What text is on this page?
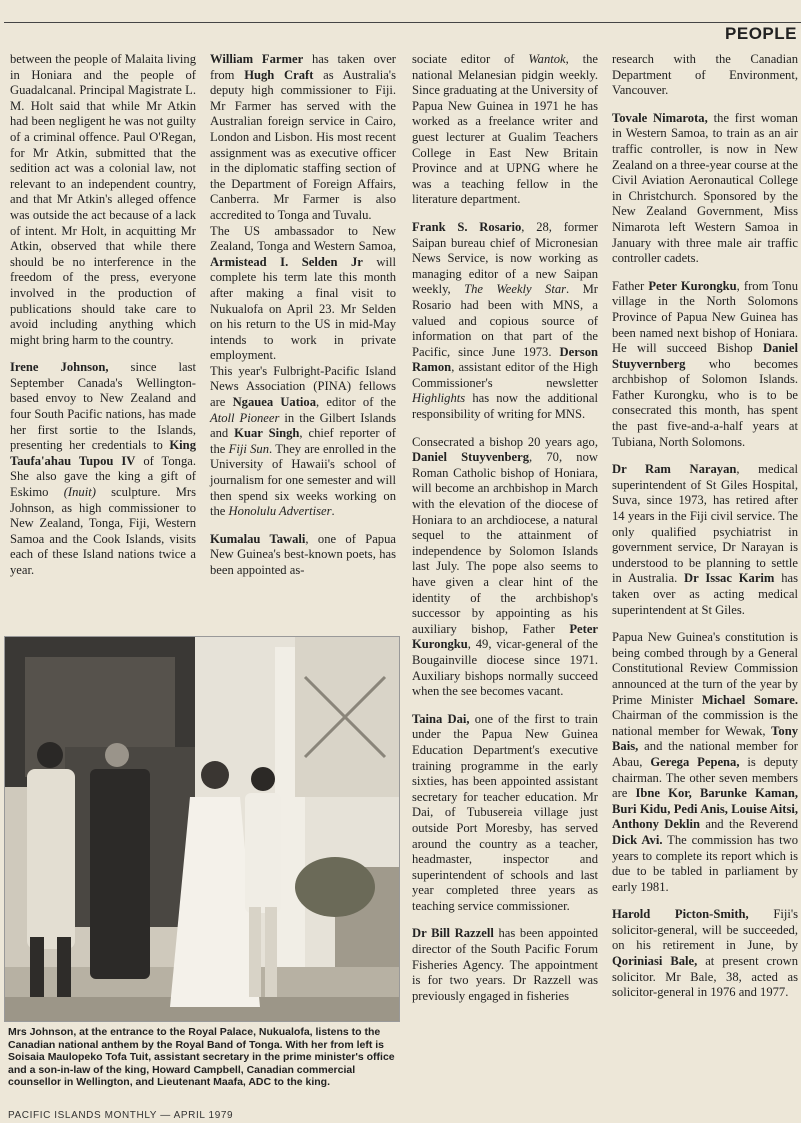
PEOPLE

between the people of Malaita living in Honiara and the people of Guadalcanal. Principal Magistrate L. M. Holt said that while Mr Atkin had been negligent he was not guilty of a criminal offence. Paul O'Regan, for Mr Atkin, submitted that the sedition act was a colonial law, not relevant to an independent country, and that Mr Atkin's alleged offence was outside the act because of a lack of intent. Mr Holt, in acquitting Mr Atkin, observed that while there should be no interference in the freedom of the press, everyone involved in the production of publications should take care to avoid including anything which might bring harm to the country.

Irene Johnson, since last September Canada's Wellington-based envoy to New Zealand and four South Pacific nations, has made her first sortie to the Islands, presenting her credentials to King Taufa'ahau Tupou IV of Tonga. She also gave the king a gift of Eskimo (Inuit) sculpture. Mrs Johnson, as high commissioner to New Zealand, Tonga, Fiji, Western Samoa and the Cook Islands, visits each of these Island nations twice a year.

William Farmer has taken over from Hugh Craft as Australia's deputy high commissioner to Fiji. Mr Farmer has served with the Australian foreign service in Cairo, London and Lisbon. His most recent assignment was as executive officer in the diplomatic staffing section of the Department of Foreign Affairs, Canberra. Mr Farmer is also accredited to Tonga and Tuvalu.

The US ambassador to New Zealand, Tonga and Western Samoa, Armistead I. Selden Jr will complete his term late this month after making a final visit to Nukualofa on April 23. Mr Selden on his return to the US in mid-May intends to work in private employment.

This year's Fulbright-Pacific Island News Association (PINA) fellows are Ngauea Uatioa, editor of the Atoll Pioneer in the Gilbert Islands and Kuar Singh, chief reporter of the Fiji Sun. They are enrolled in the University of Hawaii's school of journalism for one semester and will then spend six weeks working on the Honolulu Advertiser.

Kumalau Tawali, one of Papua New Guinea's best-known poets, has been appointed as-

sociate editor of Wantok, the national Melanesian pidgin weekly. Since graduating at the University of Papua New Guinea in 1971 he has worked as a freelance writer and guest lecturer at Gualim Teachers College in East New Britain Province and at UPNG where he was a teaching fellow in the literature department.

Frank S. Rosario, 28, former Saipan bureau chief of Micronesian News Service, is now working as managing editor of a new Saipan weekly, The Weekly Star. Mr Rosario had been with MNS, a valued and copious source of information on that part of the Pacific, since June 1973. Derson Ramon, assistant editor of the High Commissioner's newsletter Highlights has now the additional responsibility of writing for MNS.

Consecrated a bishop 20 years ago, Daniel Stuyvenberg, 70, now Roman Catholic bishop of Honiara, will become an archbishop in March with the elevation of the diocese of Honiara to an archdiocese, a natural sequel to the attainment of independence by Solomon Islands last July. The pope also seems to have given a clear hint of the identity of the archbishop's successor by appointing as his auxiliary bishop, Father Peter Kurongku, 49, vicar-general of the Bougainville diocese since 1971. Auxiliary bishops normally succeed when the see becomes vacant.

Taina Dai, one of the first to train under the Papua New Guinea Education Department's executive training programme in the early sixties, has been appointed assistant secretary for teacher education. Mr Dai, of Tubusereia village just outside Port Moresby, has served around the country as a teacher, headmaster, inspector and superintendent of schools and last year completed three years as teaching service commissioner.

Dr Bill Razzell has been appointed director of the South Pacific Forum Fisheries Agency. The appointment is for two years. Dr Razzell was previously engaged in fisheries

research with the Canadian Department of Environment, Vancouver.

Tovale Nimarota, the first woman in Western Samoa, to train as an air traffic controller, is now in New Zealand on a three-year course at the Civil Aviation Aeronautical College in Christchurch. Sponsored by the New Zealand Government, Miss Nimarota left Western Samoa in January with three male air traffic controller cadets.

Father Peter Kurongku, from Tonu village in the North Solomons Province of Papua New Guinea has been named next bishop of Honiara. He will succeed Bishop Daniel Stuyvernberg who becomes archbishop of Solomon Islands. Father Kurongku, who is to be consecrated this month, has spent the past five-and-a-half years at Tubiana, North Solomons.

Dr Ram Narayan, medical superintendent of St Giles Hospital, Suva, since 1973, has retired after 14 years in the Fiji civil service. The only qualified psychiatrist in government service, Dr Narayan is understood to be planning to settle in Australia. Dr Issac Karim has taken over as acting medical superintendent at St Giles.

Papua New Guinea's constitution is being combed through by a General Constitutional Review Commission announced at the turn of the year by Prime Minister Michael Somare. Chairman of the commission is the national member for Wewak, Tony Bais, and the national member for Abau, Gerega Pepena, is deputy chairman. The other seven members are Ibne Kor, Barunke Kaman, Buri Kidu, Pedi Anis, Louise Aitsi, Anthony Deklin and the Reverend Dick Avi. The commission has two years to complete its report which is due to be tabled in parliament by early 1981.

Harold Picton-Smith, Fiji's solicitor-general, will be succeeded, on his retirement in June, by Qoriniasi Bale, at present crown solicitor. Mr Bale, 38, acted as solicitor-general in 1976 and 1977.

Mrs Johnson, at the entrance to the Royal Palace, Nukualofa, listens to the Canadian national anthem by the Royal Band of Tonga. With her from left is Soisaia Maulopeko Tofa Tuit, assistant secretary in the prime minister's office and a son-in-law of the king, Howard Campbell, Canadian commercial counsellor in Wellington, and Lieutenant Maafa, ADC to the king.
PACIFIC ISLANDS MONTHLY — APRIL 1979
